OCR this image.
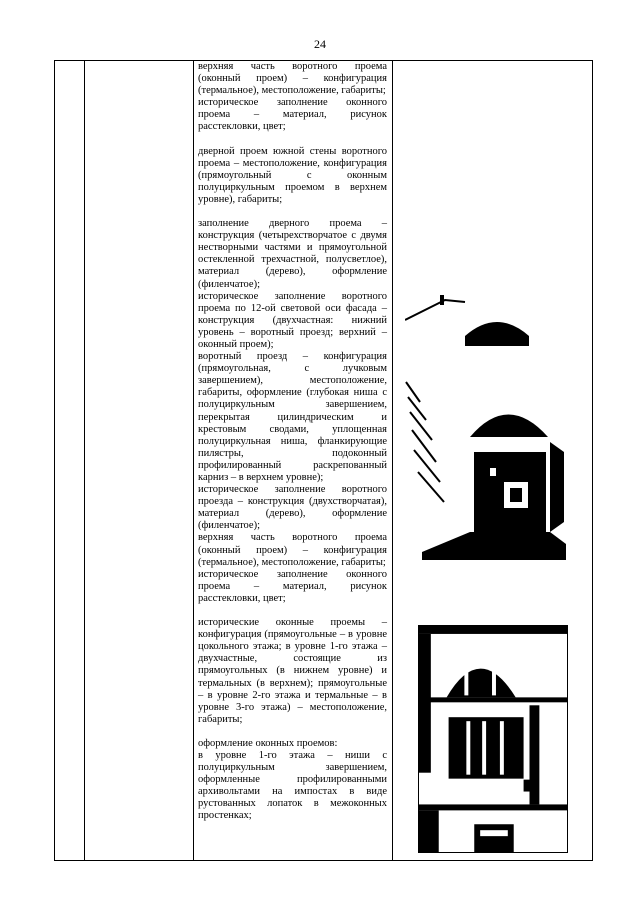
24

верхняя часть воротного проема (оконный проем) – конфигурация (термальное), местоположение, габариты;

историческое заполнение оконного проема – материал, рисунок расстекловки, цвет;

дверной проем южной стены воротного проема – местоположение, конфигурация (прямоугольный с оконным полуциркульным проемом в верхнем уровне), габариты;

заполнение дверного проема – конструкция (четырехстворчатое с двумя нестворными частями и прямоугольной остекленной трехчастной, полусветлое), материал (дерево), оформление (филенчатое);

историческое заполнение воротного проема по 12-ой световой оси фасада – конструкция (двухчастная: нижний уровень – воротный проезд; верхний – оконный проем);

воротный проезд – конфигурация (прямоугольная, с лучковым завершением), местоположение, габариты, оформление (глубокая ниша с полуциркульным завершением, перекрытая цилиндрическим и крестовым сводами, уплощенная полуциркульная ниша, фланкирующие пилястры, подоконный профилированный раскрепованный карниз – в верхнем уровне);

историческое заполнение воротного проезда – конструкция (двухстворчатая), материал (дерево), оформление (филенчатое);

верхняя часть воротного проема (оконный проем) – конфигурация (термальное), местоположение, габариты;

историческое заполнение оконного проема – материал, рисунок расстекловки, цвет;

исторические оконные проемы – конфигурация (прямоугольные – в уровне цокольного этажа; в уровне 1-го этажа – двухчастные, состоящие из прямоугольных (в нижнем уровне) и термальных (в верхнем); прямоугольные – в уровне 2-го этажа и термальные – в уровне 3-го этажа) – местоположение, габариты;

оформление оконных проемов:

в уровне 1-го этажа – ниши с полуциркульным завершением, оформленные профилированными архивольтами на импостах в виде рустованных лопаток в межоконных простенках;
